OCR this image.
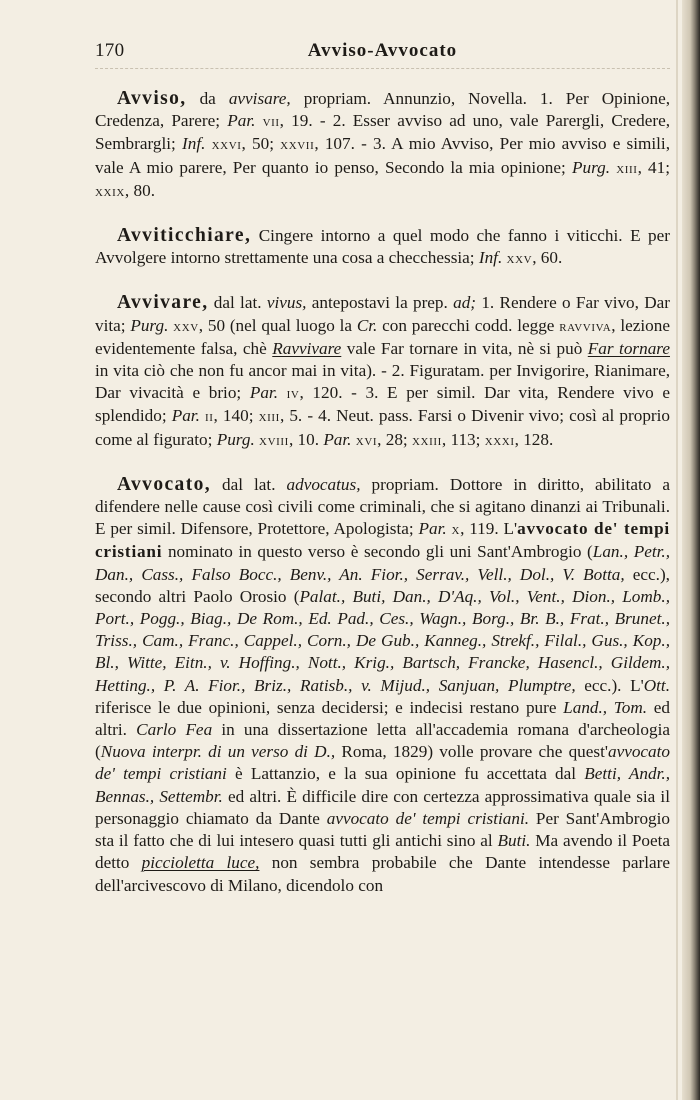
170	Avviso-Avvocato

Avviso, da avvisare, propriam. Annunzio, Novella. 1. Per Opinione, Credenza, Parere; Par. vii, 19. - 2. Esser avviso ad uno, vale Parergli, Credere, Sembrargli; Inf. xxvi, 50; xxvii, 107. - 3. A mio Avviso, Per mio avviso e simili, vale A mio parere, Per quanto io penso, Secondo la mia opinione; Purg. xiii, 41; xxix, 80.

Avviticchiare, Cingere intorno a quel modo che fanno i viticchi. E per Avvolgere intorno strettamente una cosa a checchessia; Inf. xxv, 60.

Avvivare, dal lat. vivus, antepostavi la prep. ad; 1. Rendere o Far vivo, Dar vita; Purg. xxv, 50 (nel qual luogo la Cr. con parecchi codd. legge ravviva, lezione evidentemente falsa, chè Ravvivare vale Far tornare in vita, nè si può Far tornare in vita ciò che non fu ancor mai in vita). - 2. Figuratam. per Invigorire, Rianimare, Dar vivacità e brio; Par. iv, 120. - 3. E per simil. Dar vita, Rendere vivo e splendido; Par. ii, 140; xiii, 5. - 4. Neut. pass. Farsi o Divenir vivo; così al proprio come al figurato; Purg. xviii, 10. Par. xvi, 28; xxiii, 113; xxxi, 128.

Avvocato, dal lat. advocatus, propriam. Dottore in diritto, abilitato a difendere nelle cause così civili come criminali, che si agitano dinanzi ai Tribunali. E per simil. Difensore, Protettore, Apologista; Par. x, 119. L'avvocato de' tempi cristiani nominato in questo verso è secondo gli uni Sant'Ambrogio (Lan., Petr., Dan., Cass., Falso Bocc., Benv., An. Fior., Serrav., Vell., Dol., V. Botta, ecc.), secondo altri Paolo Orosio (Palat., Buti, Dan., D'Aq., Vol., Vent., Dion., Lomb., Port., Pogg., Biag., De Rom., Ed. Pad., Ces., Wagn., Borg., Br. B., Frat., Brunet., Triss., Cam., Franc., Cappel., Corn., De Gub., Kanneg., Strekf., Filal., Gus., Kop., Bl., Witte, Eitn., v. Hoffing., Nott., Krig., Bartsch, Francke, Hasencl., Gildem., Hetting., P. A. Fior., Briz., Ratisb., v. Mijud., Sanjuan, Plumptre, ecc.). L'Ott. riferisce le due opinioni, senza decidersi; e indecisi restano pure Land., Tom. ed altri. Carlo Fea in una dissertazione letta all'accademia romana d'archeologia (Nuova interpr. di un verso di D., Roma, 1829) volle provare che quest'avvocato de' tempi cristiani è Lattanzio, e la sua opinione fu accettata dal Betti, Andr., Bennas., Settembr. ed altri. È difficile dire con certezza approssimativa quale sia il personaggio chiamato da Dante avvocato de' tempi cristiani. Per Sant'Ambrogio sta il fatto che di lui intesero quasi tutti gli antichi sino al Buti. Ma avendo il Poeta detto piccioletta luce, non sembra probabile che Dante intendesse parlare dell'arcivescovo di Milano, dicendolo con
